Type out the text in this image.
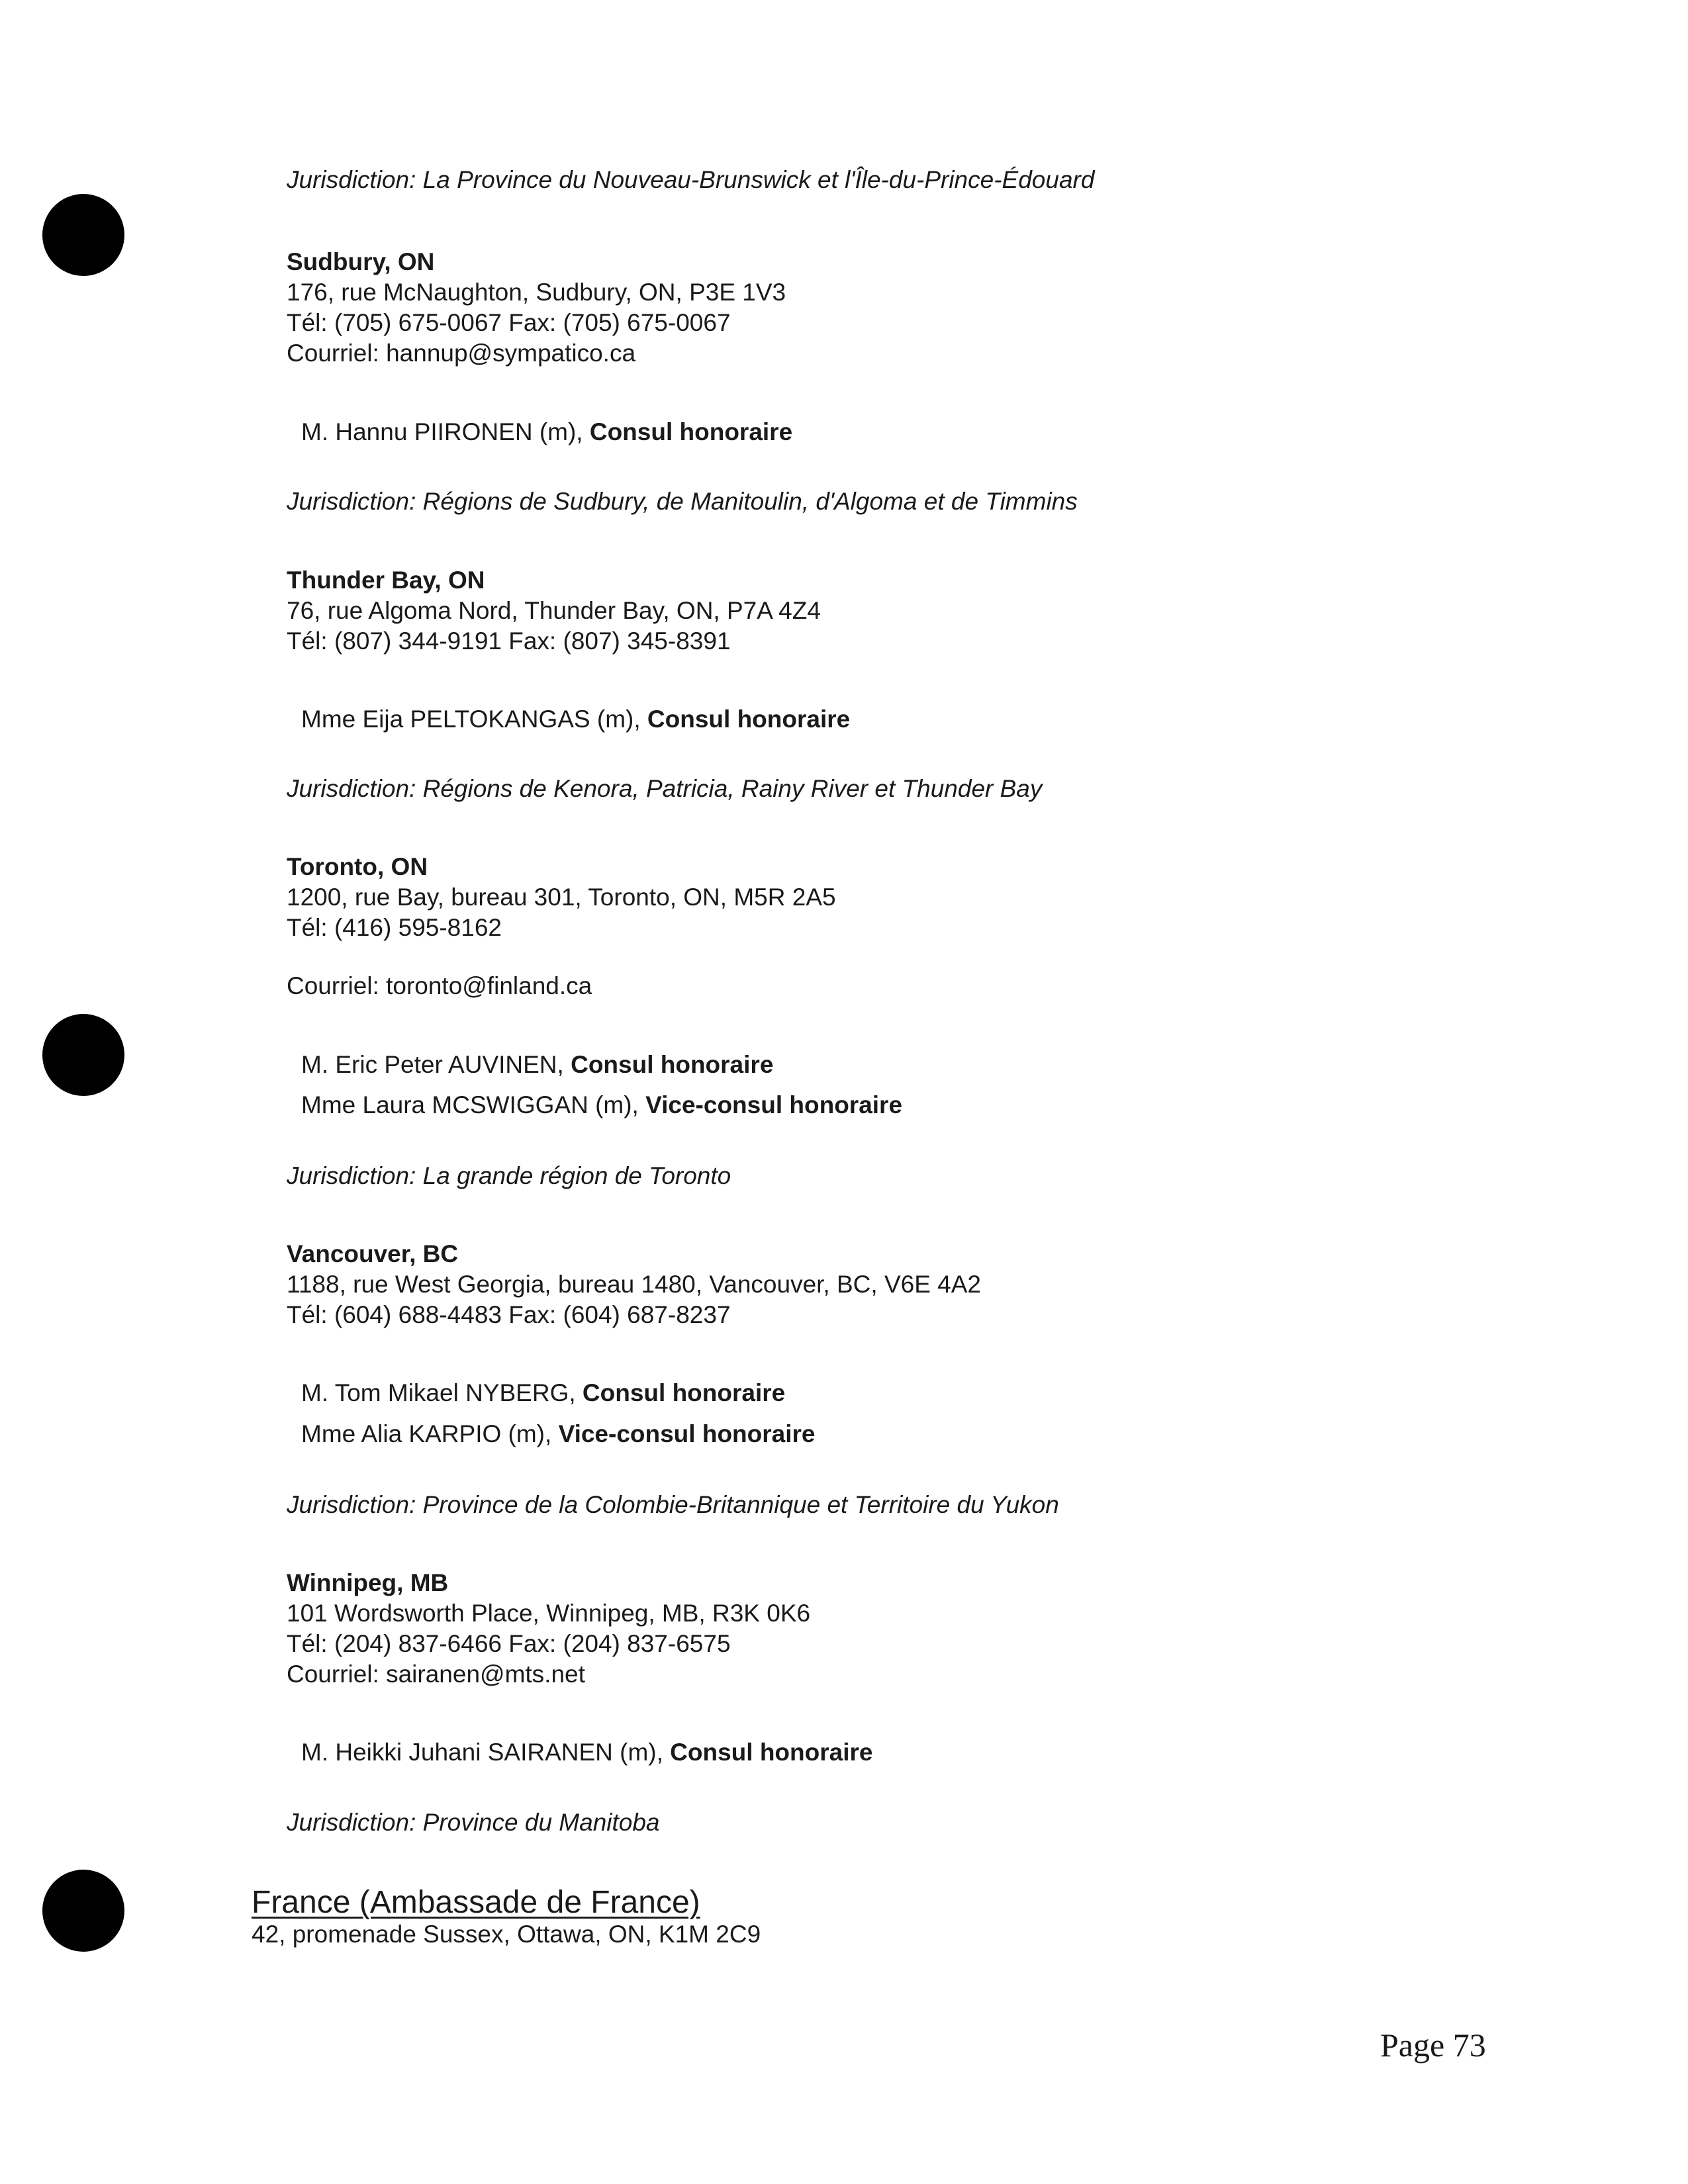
Jurisdiction: La Province du Nouveau-Brunswick et l'Île-du-Prince-Édouard
Sudbury, ON
176, rue McNaughton, Sudbury, ON, P3E 1V3
Tél: (705) 675-0067 Fax: (705) 675-0067
Courriel: hannup@sympatico.ca
M. Hannu PIIRONEN (m), Consul honoraire
Jurisdiction: Régions de Sudbury, de Manitoulin, d'Algoma et de Timmins
Thunder Bay, ON
76, rue Algoma Nord, Thunder Bay, ON, P7A 4Z4
Tél: (807) 344-9191 Fax: (807) 345-8391
Mme Eija PELTOKANGAS (m), Consul honoraire
Jurisdiction: Régions de Kenora, Patricia, Rainy River et Thunder Bay
Toronto, ON
1200, rue Bay, bureau 301, Toronto, ON, M5R 2A5
Tél: (416) 595-8162
Courriel: toronto@finland.ca
M. Eric Peter AUVINEN, Consul honoraire
Mme Laura MCSWIGGAN (m), Vice-consul honoraire
Jurisdiction: La grande région de Toronto
Vancouver, BC
1188, rue West Georgia, bureau 1480, Vancouver, BC, V6E 4A2
Tél: (604) 688-4483 Fax: (604) 687-8237
M. Tom Mikael NYBERG, Consul honoraire
Mme Alia KARPIO (m), Vice-consul honoraire
Jurisdiction: Province de la Colombie-Britannique et Territoire du Yukon
Winnipeg, MB
101 Wordsworth Place, Winnipeg, MB, R3K 0K6
Tél: (204) 837-6466 Fax: (204) 837-6575
Courriel: sairanen@mts.net
M. Heikki Juhani SAIRANEN (m), Consul honoraire
Jurisdiction: Province du Manitoba
France (Ambassade de France)
42, promenade Sussex, Ottawa, ON, K1M 2C9
Page 73
